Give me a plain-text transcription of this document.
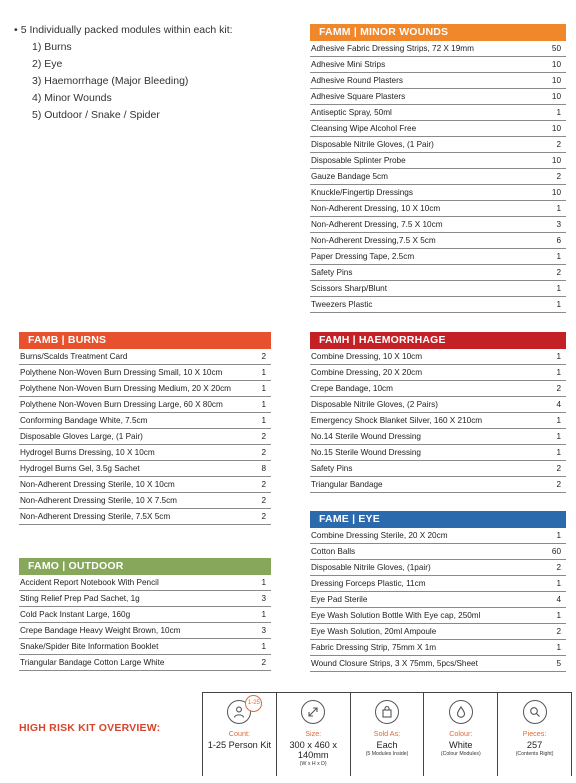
• 5 Individually packed modules within each kit:
1) Burns
2) Eye
3) Haemorrhage (Major Bleeding)
4) Minor Wounds
5) Outdoor / Snake / Spider
FAMM | MINOR WOUNDS
Adhesive Fabric Dressing Strips, 72 X 19mm	50
Adhesive Mini Strips	10
Adhesive Round Plasters	10
Adhesive Square Plasters	10
Antiseptic Spray, 50ml	1
Cleansing Wipe Alcohol Free	10
Disposable Nitrile Gloves, (1 Pair)	2
Disposable Splinter Probe	10
Gauze Bandage 5cm	2
Knuckle/Fingertip Dressings	10
Non-Adherent Dressing, 10 X 10cm	1
Non-Adherent Dressing, 7.5 X 10cm	3
Non-Adherent Dressing,7.5 X 5cm	6
Paper Dressing Tape, 2.5cm	1
Safety Pins	2
Scissors Sharp/Blunt	1
Tweezers Plastic	1
FAMB | BURNS
Burns/Scalds Treatment Card	2
Polythene Non-Woven Burn Dressing Small, 10 X 10cm	1
Polythene Non-Woven Burn Dressing Medium, 20 X 20cm	1
Polythene Non-Woven Burn Dressing Large, 60 X 80cm	1
Conforming Bandage White, 7.5cm	1
Disposable Gloves Large, (1 Pair)	2
Hydrogel Burns Dressing, 10 X 10cm	2
Hydrogel Burns Gel, 3.5g Sachet	8
Non-Adherent Dressing Sterile, 10 X 10cm	2
Non-Adherent Dressing Sterile, 10 X 7.5cm	2
Non-Adherent Dressing Sterile, 7.5X 5cm	2
FAMH | HAEMORRHAGE
Combine Dressing, 10 X 10cm	1
Combine Dressing, 20 X 20cm	1
Crepe Bandage, 10cm	2
Disposable Nitrile Gloves, (2 Pairs)	4
Emergency Shock Blanket Silver, 160 X 210cm	1
No.14 Sterile Wound Dressing	1
No.15 Sterile Wound Dressing	1
Safety Pins	2
Triangular Bandage	2
FAME | EYE
Combine Dressing Sterile, 20 X 20cm	1
Cotton Balls	60
Disposable Nitrile Gloves, (1pair)	2
Dressing Forceps Plastic, 11cm	1
Eye Pad Sterile	4
Eye Wash Solution Bottle With Eye cap, 250ml	1
Eye Wash Solution, 20ml Ampoule	2
Fabric Dressing Strip, 75mm X 1m	1
Wound Closure Strips, 3 X 75mm, 5pcs/Sheet	5
FAMO | OUTDOOR
Accident Report Notebook With Pencil	1
Sting Relief Prep Pad Sachet, 1g	3
Cold Pack Instant Large, 160g	1
Crepe Bandage Heavy Weight Brown, 10cm	3
Snake/Spider Bite Information Booklet	1
Triangular Bandage Cotton Large White	2
HIGH RISK KIT OVERVIEW:
1-25
Count:
1-25 Person Kit
Size:
300 x 460 x 140mm
(W x H x D)
Sold As:
Each
(5 Modules Inside)
Colour:
White
(Colour Modules)
Pieces:
257
(Contents Right)
